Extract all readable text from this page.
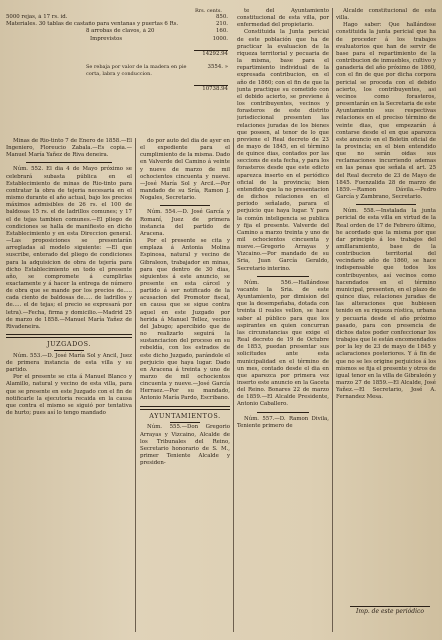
Rrs. cents.
5000 rejas, á 17 rs. id.	850.
Materiales. 30 tablas de castaño para ventanas y puertas 6 Rs.	210.
8 arrobas de clavos, á 20	160.
Imprevistos	1000.
14292.94
Se rebaja por valor de la madera en pie corta, labra y conduccion.
3554. »
10738.94

Minas de Rio-tinto 7 de Enero de 1858.—El Ingeniero, Floreucio Zabala.—Es copia.—Manuel María Yañez de Riva deneira.

Núm. 552. El dia 4 de Mayo próximo se celebrará subasta pública en el Establecimiento de minas de Rio-tinto para contratar la obra de tejeria necesaria en el mismo durante el año actual, bajo los precios máximos admisibles de 26 rs. el 100 de baldosas 15 rs. el de ladrillos comunes; y 17 el de tejas tambien comunes.—El pliego de condiciones se halla de manifiesto en dicho Establecimiento y en esta Direccion general.—Las proposiciones se presentarán arregladas al modelo siguiente: —El que suscribe, enterado del pliego de condiciones para la adquisicion de obra de tejería para dicho Establecimiento en todo el presente año, se compromete á cumplirlas exactamente y á hacer la entrega de número de obra que se mande por los precios de..... cada ciento de baldosas de..... de ladrillos y de..... el de tejas; el precio se expresará por letra).—Fecha, firma y domicilio.—Madrid 25 de marzo de 1858.—Manuel María Yañez de Rivadeneira.

JUZGADOS.

Núm. 553.—D. José María Sol y Ancil, Juez de primera instancia de esta villa y su partido.

Por el presente se cita á Manuel Blanco y Alamillo, natural y vecino de esta villa, para que se presente en este Juzgado con el fin de notificarle la ejecutoria recaida en la causa que contra el mismo se siguió por tentativa de hurto; pues así lo tengo mandado

do por auto del dia de ayer en el expediente para el cumplimiento de la misma. Dado en Valverde del Camino á veinte y nueve de marzo de mil ochocientos cincuenta y nueve.—José María Sol y Arcil.—Por mandado de su Sría, Ramon J. Nogales, Secretario.

Núm. 554.—D. José García y Romaní, Juez de primera instancia del partido de Aracena.

Por el presente se cita y emplaza á Antonia Molina Espinosa, natural y vecino de Gibraleon, trabajador en minas, para que dentro de 30 dias, siguientes á este anuncio, se presente en esta cárcel y partido á ser notificado de la acusacion del Promotor fiscal, en causa que se sigue contra aquel en este Juzgado por herida á Manuel Tellez, vecino del Jabugo; apercibido que de no realizarlo seguirá la sustanciacion del proceso en su rebeldía, con los estrados de este dicho Juzgado, parándole el perjuicio que haya lugar. Dado en Aracena á treinta y uno de marzo de mil ochocientos cincuenta y nueve.—José García Herraez.—Por su mandado, Antonio María Pardo, Escribano.

AYUNTAMIENTOS.

Núm. 555.—Don Gregorio Arrayas y Vizcaino, Alcalde de los Tribunales del Reino, Secretario honorario de S. M., primer Teniente Alcalde y presiden-

te del Ayuntamiento constitucional de esta villa, por enfermedad del propietario.

Constituida la Junta pericial de este población que ha de practicar la evaluacion de la riqueza territorial y pecuaria de la misma, base para el repartimiento individual de la expresada contribucion, en el año de 1860; con el fin de que la junta practique su cometido con el debido acierto, se previene á los contribuyentes, vecinos y forasteros de este distrito jurisdiccional presenten las relaciones juradas de los bienes que poseen, al tenor de lo que previene el Real decreto de 23 de mayo de 1845, en el término de quince dias, contados por las seccions de esta fecha, y para los forasteros desde que este edicto aparezca inserto en el periódico oficial de la provincia; bien entendido que la no presentacion de dichos relaciones en el periodo señalado, parara el perjuicio que haya lugar. Y para la común inteligencia se publica y fija el presente. Valverde del Camino a marzo treinta y uno de mil ochocientos cincuenta y nueve.—Gregorio Arrayas y Vizcaino.—Por mandado de su Sria, Juan García Geraldo, Secretario interino.

Núm. 556.—Hallándose vacante la Sria. de este Ayuntamiento, por dimision del que la desempeñaba, dotada con treinta il reales vellon, se hace saber al público para que los aspirantes en quien concurran las circunstancias que exige el Real decreto de 19 de Octubre de 1853, puedan presentar sus solicitudes ante esta municipalidad en el término de un mes, contado desde el dia en que aparezca por primera vez inserto este anuncio en la Gaceta del Reino. Bonares 22 de marzo de 1859.—El Alcalde Presidente, Antonio Caballero.

Núm. 557.—D. Ramon Divila, Teniente primero de

Alcalde constitucional de esta villa.

Hago saber: Que hallándose constituida la junta pericial que ha de proceder á los trabajos evaluatorios que han de servir de base para el repartimiento de la contribucion de inmuebles, cultivo y ganaderia del año próximo de 1860, con el fin de que por dicha corpora pericial se proceda con el debido acierto, los contribuyentes, asi vecinos como forasteros, presentarán en la Secretaria de este Ayuntamiento sus respectivas relaciones en el preciso término de veinte dias, que empezarán á contarse desde el en que aparezca este anuncio en el Boletin oficial de la provincia; en el bien entendido que no serán oidas sus reclamaciones incurriendo ademas en las penas que señala el art. 25 del Real decreto de 23 de Mayo de 1845. Fuenzalida 28 de marzo de 1859.—Ramon Dávila.—Pedro García y Zambrano, Secretario.

Núm. 558.—Instalada la junta pericial de esta villa en virtud de la Real orden de 17 de Febrero último, he acordado que la misma por que dar principio á los trabajos del amillaramiento, base de la contribucion territorial del vecindario año de 1860, se hace indispensable que todos los contribuyentes, así vecinos como hacendados en el término municipal, presenten, en el plazo de quince dias, relaciones juradas de las alteraciones que hubiesen tenido en su riqueza rústica, urbana y pecuaria desde el año próximo pasado, para con presencia de dichos datos poder confeccionar los trabajos que le están encomendados por la ley de 23 de mayo de 1845 y aclaraciones posteriores. Y á fin de que no se les origine perjuicios á los mismos se fija el presente y otros de igual tenor en la villa de Gibraleón y marzo 27 de 1859.—El Alcalde, José Yañez.—El Secretario, José A. Fernandez Mesa.

Imp. de este periódico
